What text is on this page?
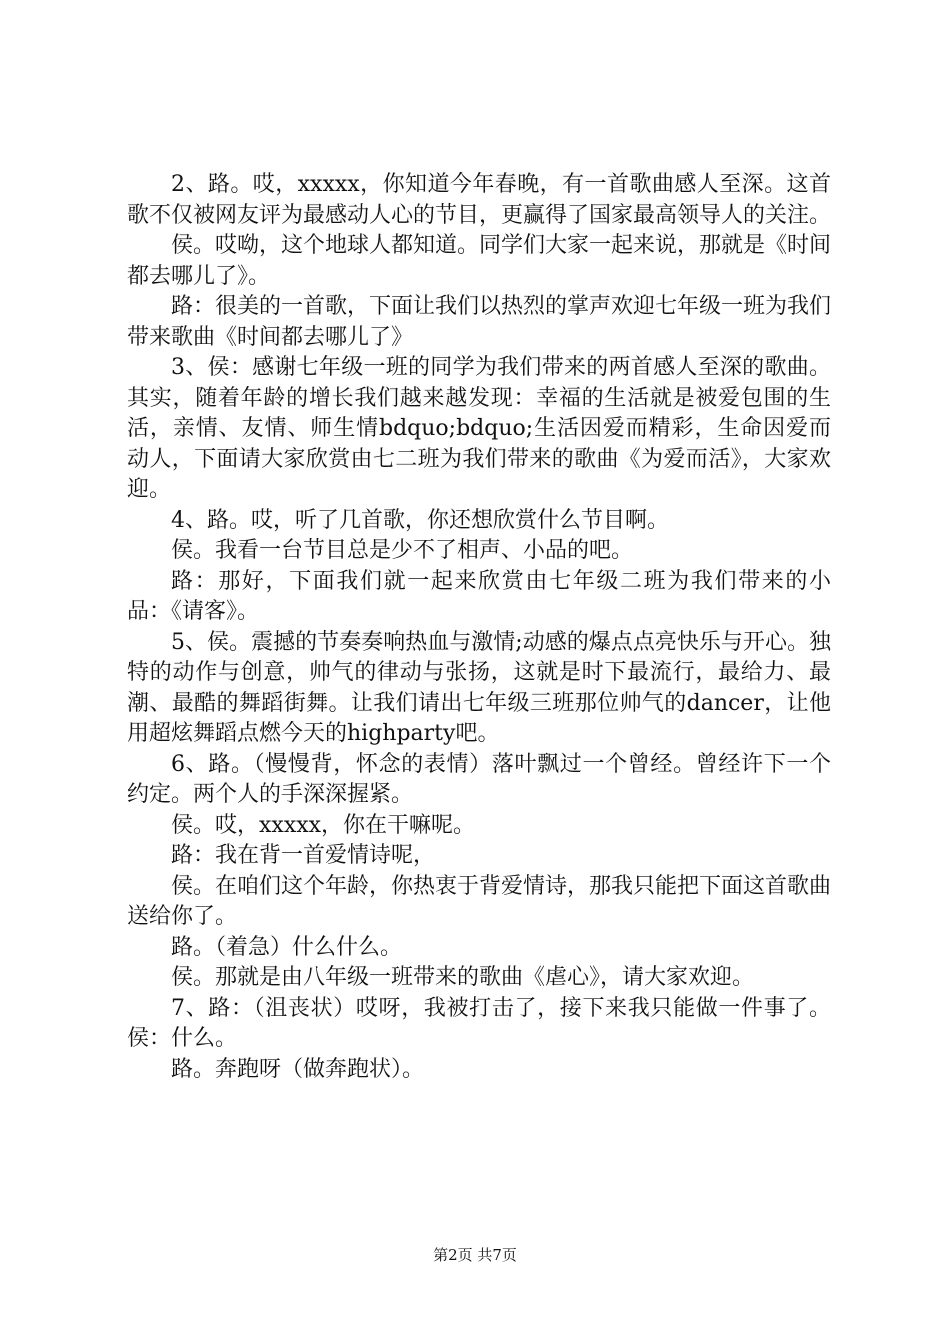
2、路。哎，xxxxx，你知道今年春晚，有一首歌曲感人至深。这首歌不仅被网友评为最感动人心的节目，更赢得了国家最高领导人的关注。

侯。哎呦，这个地球人都知道。同学们大家一起来说，那就是《时间都去哪儿了》。

路：很美的一首歌，下面让我们以热烈的掌声欢迎七年级一班为我们带来歌曲《时间都去哪儿了》

3、侯：感谢七年级一班的同学为我们带来的两首感人至深的歌曲。其实，随着年龄的增长我们越来越发现：幸福的生活就是被爱包围的生活，亲情、友情、师生情bdquo;bdquo;生活因爱而精彩，生命因爱而动人，下面请大家欣赏由七二班为我们带来的歌曲《为爱而活》，大家欢迎。

4、路。哎，听了几首歌，你还想欣赏什么节目啊。

侯。我看一台节目总是少不了相声、小品的吧。

路：那好，下面我们就一起来欣赏由七年级二班为我们带来的小品：《请客》。

5、侯。震撼的节奏奏响热血与激情;动感的爆点点亮快乐与开心。独特的动作与创意，帅气的律动与张扬，这就是时下最流行，最给力、最潮、最酷的舞蹈街舞。让我们请出七年级三班那位帅气的dancer，让他用超炫舞蹈点燃今天的highparty吧。

6、路。（慢慢背，怀念的表情）落叶飘过一个曾经。曾经许下一个约定。两个人的手深深握紧。

侯。哎，xxxxx，你在干嘛呢。

路：我在背一首爱情诗呢，

侯。在咱们这个年龄，你热衷于背爱情诗，那我只能把下面这首歌曲送给你了。

路。（着急）什么什么。

侯。那就是由八年级一班带来的歌曲《虐心》，请大家欢迎。

7、路：（沮丧状）哎呀，我被打击了，接下来我只能做一件事了。侯：什么。

路。奔跑呀（做奔跑状）。

第2页 共7页
